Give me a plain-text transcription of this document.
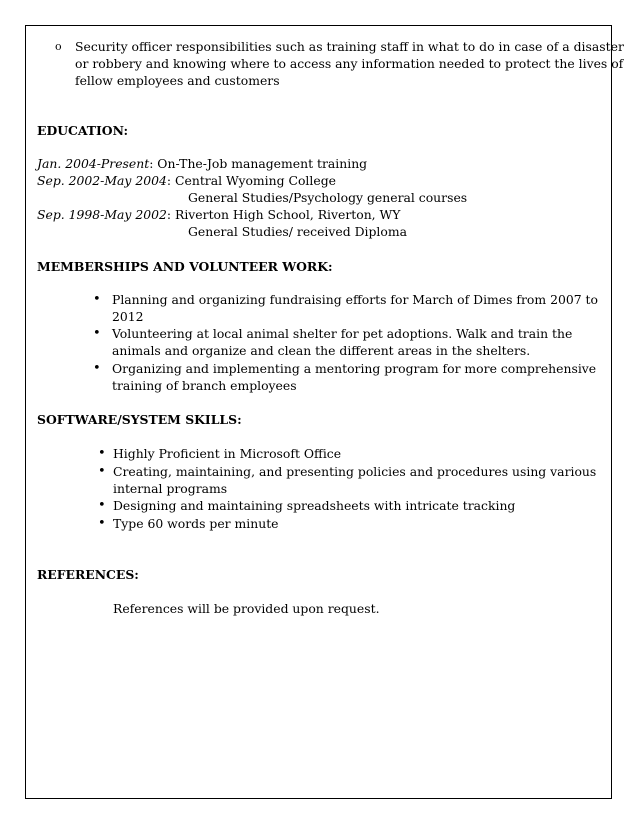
o Security officer responsibilities such as training staff in what to do in case of a disaster
or robbery and knowing where to access any information needed to protect the lives of
fellow employees and customers
EDUCATION:
Jan. 2004-Present: On-The-Job management training
Sep. 2002-May 2004: Central Wyoming College
General Studies/Psychology general courses
Sep. 1998-May 2002: Riverton High School, Riverton, WY
General Studies/ received Diploma
MEMBERSHIPS AND VOLUNTEER WORK:
• Planning and organizing fundraising efforts for March of Dimes from 2007 to
2012
• Volunteering at local animal shelter for pet adoptions. Walk and train the
animals and organize and clean the different areas in the shelters.
• Organizing and implementing a mentoring program for more comprehensive
training of branch employees
SOFTWARE/SYSTEM SKILLS:
• Highly Proficient in Microsoft Office
• Creating, maintaining, and presenting policies and procedures using various
internal programs
• Designing and maintaining spreadsheets with intricate tracking
• Type 60 words per minute
REFERENCES:
References will be provided upon request.
